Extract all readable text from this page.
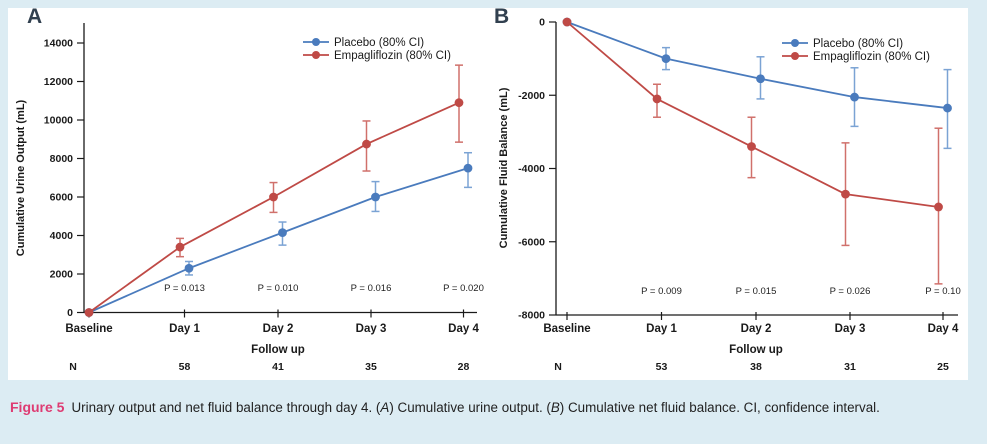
0
2000
4000
6000
8000
10000
12000
14000
Baseline	Day 1	Day 2	Day 3	Day 4
Follow up
Cumulative Urine Output (mL)
N	58	41	35	28
P = 0.013	P = 0.010	P = 0.016	P = 0.020
Placebo (80% CI)
Empagliflozin (80% CI)
0
-2000
-4000
-6000
-8000
Baseline	Day 1	Day 2	Day 3	Day 4
Follow up
Cumulative Fluid Balance (mL)
N	53	38	31	25
P = 0.009	P = 0.015	P = 0.026	P = 0.10
Placebo (80% CI)
Empagliflozin (80% CI)
A	B
Figure 5 Urinary output and net fluid balance through day 4. (A) Cumulative urine output. (B) Cumulative net fluid balance. CI, confidence interval.
